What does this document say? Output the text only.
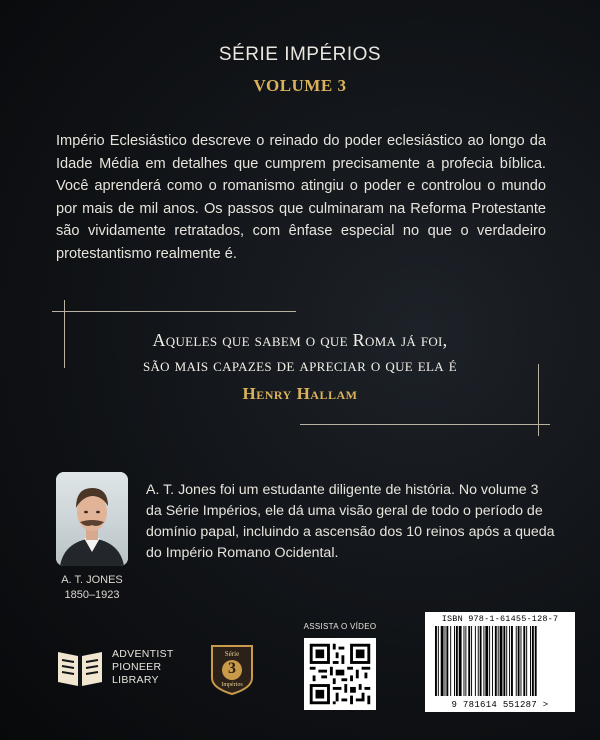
SÉRIE IMPÉRIOS
VOLUME 3
Império Eclesiástico descreve o reinado do poder eclesiástico ao longo da Idade Média em detalhes que cumprem precisamente a profecia bíblica. Você aprenderá como o romanismo atingiu o poder e controlou o mundo por mais de mil anos. Os passos que culminaram na Reforma Protestante são vividamente retratados, com ênfase especial no que o verdadeiro protestantismo realmente é.
Aqueles que sabem o que Roma já foi,
são mais capazes de apreciar o que ela é
Henry Hallam
A. T. JONES
1850–1923
A. T. Jones foi um estudante diligente de história. No volume 3 da Série Impérios, ele dá uma visão geral de todo o período de domínio papal, incluindo a ascensão dos 10 reinos após a queda do Império Romano Ocidental.
ADVENTIST
PIONEER
LIBRARY
Série
3
Impérios
ASSISTA O VÍDEO
ISBN 978-1-61455-128-7
9 781614 551287 >
